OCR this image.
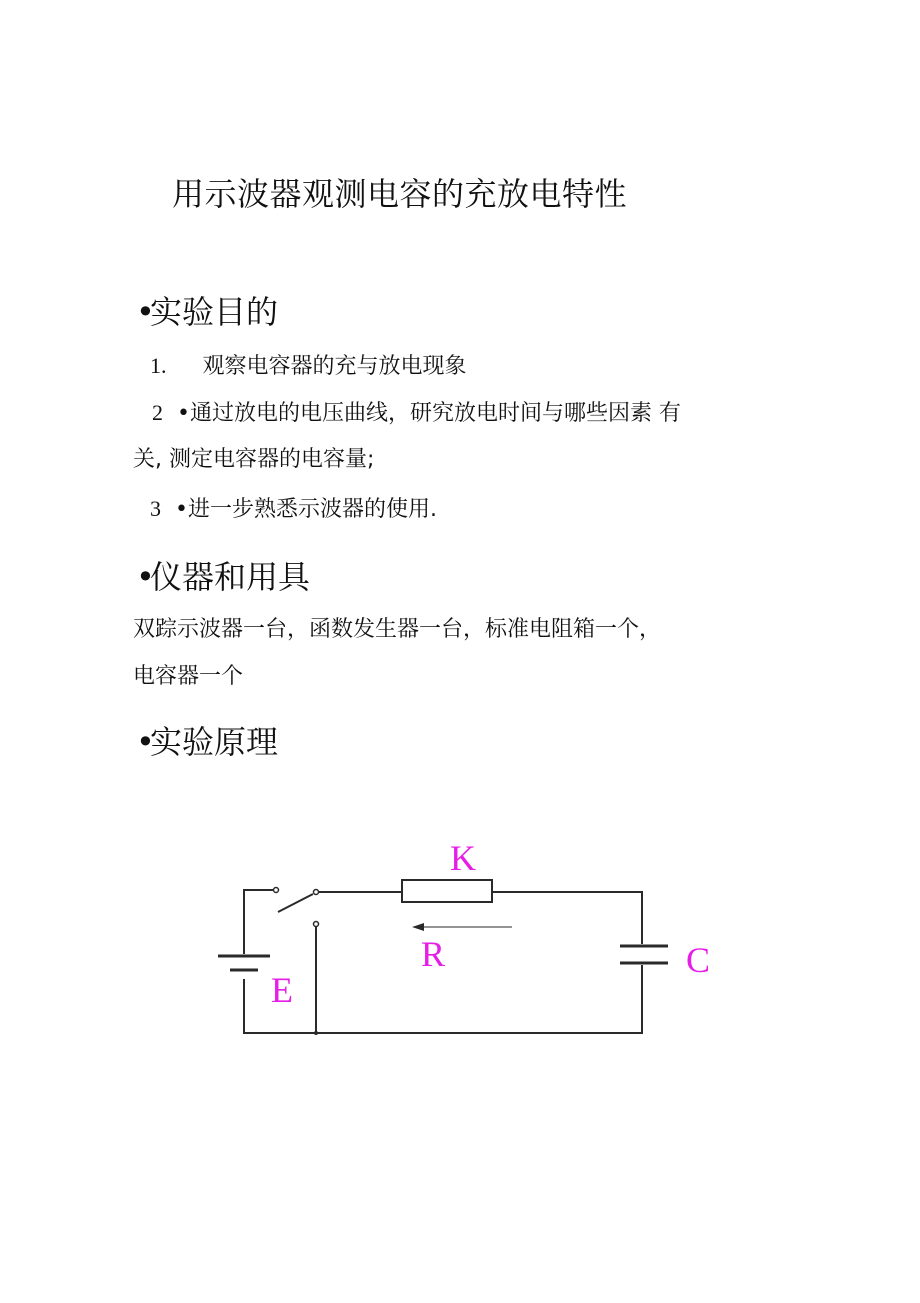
用示波器观测电容的充放电特性
•实验目的
1. 观察电容器的充与放电现象
2 •通过放电的电压曲线，研究放电时间与哪些因素 有
关, 测定电容器的电容量;
3 •进一步熟悉示波器的使用.
•仪器和用具
双踪示波器一台，函数发生器一台，标准电阻箱一个，
电容器一个
•实验原理
K
R	C
E
